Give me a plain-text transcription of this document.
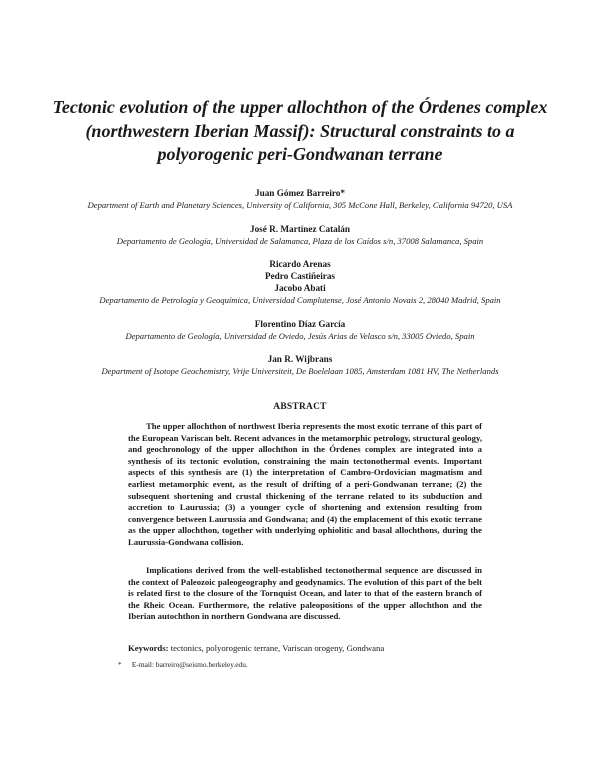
Tectonic evolution of the upper allochthon of the Órdenes complex
(northwestern Iberian Massif): Structural constraints to a
polyorogenic peri-Gondwanan terrane
Juan Gómez Barreiro*
Department of Earth and Planetary Sciences, University of California, 305 McCone Hall, Berkeley, California 94720, USA
José R. Martínez Catalán
Departamento de Geología, Universidad de Salamanca, Plaza de los Caídos s/n, 37008 Salamanca, Spain
Ricardo Arenas
Pedro Castiñeiras
Jacobo Abati
Departamento de Petrología y Geoquímica, Universidad Complutense, José Antonio Novais 2, 28040 Madrid, Spain
Florentino Díaz García
Departamento de Geología, Universidad de Oviedo, Jesús Arias de Velasco s/n, 33005 Oviedo, Spain
Jan R. Wijbrans
Department of Isotope Geochemistry, Vrije Universiteit, De Boelelaan 1085, Amsterdam 1081 HV, The Netherlands
ABSTRACT

The upper allochthon of northwest Iberia represents the most exotic terrane of this part of the European Variscan belt. Recent advances in the metamorphic petrology, structural geology, and geochronology of the upper allochthon in the Órdenes complex are integrated into a synthesis of its tectonic evolution, constraining the main tectonothermal events. Important aspects of this synthesis are (1) the interpretation of Cambro-Ordovician magmatism and earliest metamorphic event, as the result of drifting of a peri-Gondwanan terrane; (2) the subsequent shortening and crustal thickening of the terrane related to its subduction and accretion to Laurussia; (3) a younger cycle of shortening and extension resulting from convergence between Laurussia and Gondwana; and (4) the emplacement of this exotic terrane as the upper allochthon, together with underlying ophiolitic and basal allochthons, during the Laurussia-Gondwana collision.

Implications derived from the well-established tectonothermal sequence are discussed in the context of Paleozoic paleogeography and geodynamics. The evolution of this part of the belt is related first to the closure of the Tornquist Ocean, and later to that of the eastern branch of the Rheic Ocean. Furthermore, the relative paleopositions of the upper allochthon and the Iberian autochthon in northern Gondwana are discussed.

Keywords: tectonics, polyorogenic terrane, Variscan orogeny, Gondwana
* E-mail: barreiro@seismo.berkeley.edu.
